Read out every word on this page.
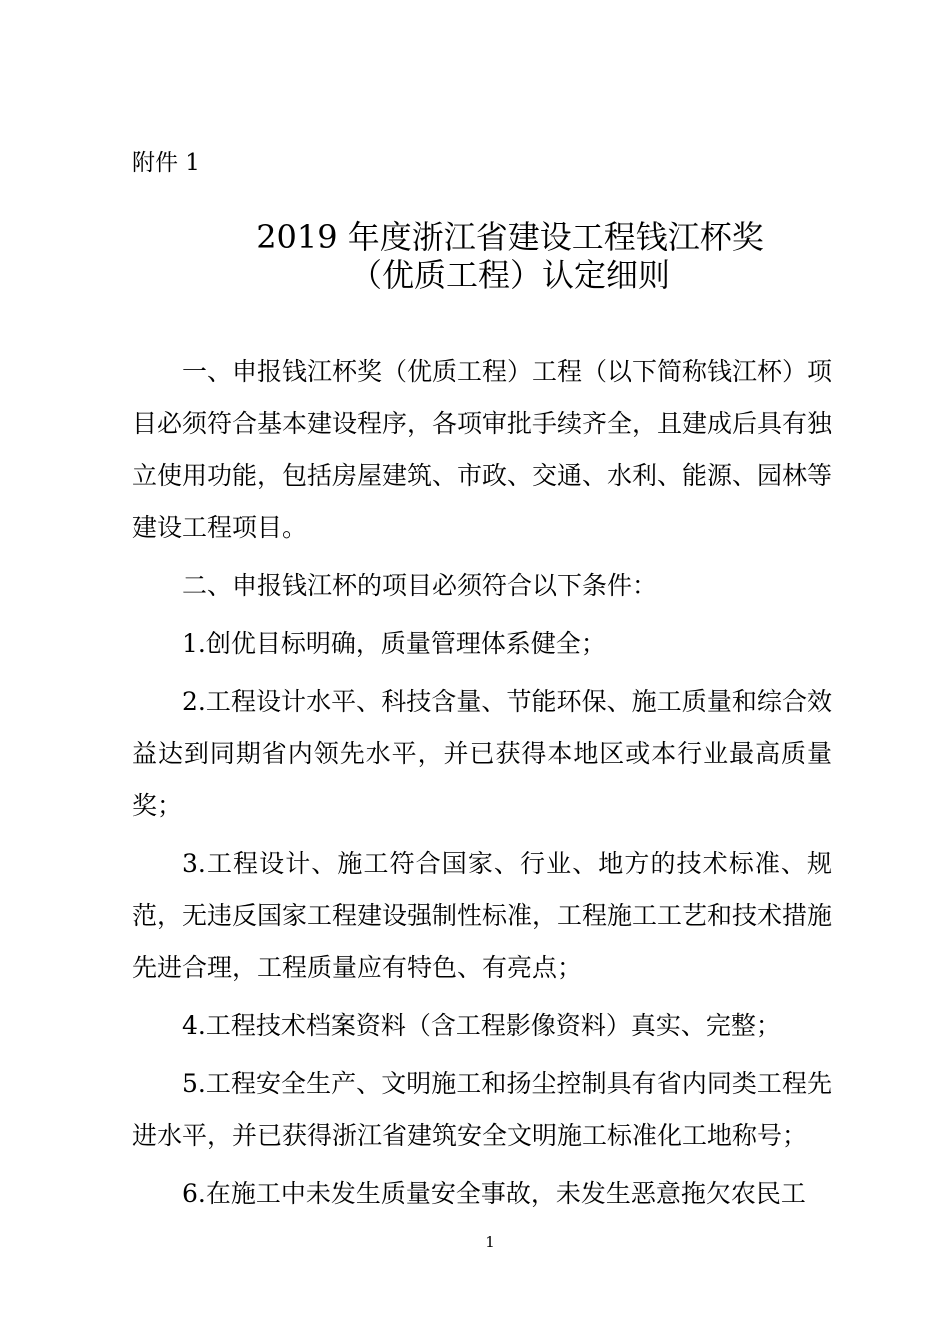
附件 1
2019 年度浙江省建设工程钱江杯奖
（优质工程）认定细则

一、申报钱江杯奖（优质工程）工程（以下简称钱江杯）项目必须符合基本建设程序，各项审批手续齐全，且建成后具有独立使用功能，包括房屋建筑、市政、交通、水利、能源、园林等建设工程项目。

二、申报钱江杯的项目必须符合以下条件：

1.创优目标明确，质量管理体系健全；

2.工程设计水平、科技含量、节能环保、施工质量和综合效益达到同期省内领先水平，并已获得本地区或本行业最高质量奖；

3.工程设计、施工符合国家、行业、地方的技术标准、规范，无违反国家工程建设强制性标准，工程施工工艺和技术措施先进合理，工程质量应有特色、有亮点；

4.工程技术档案资料（含工程影像资料）真实、完整；

5.工程安全生产、文明施工和扬尘控制具有省内同类工程先进水平，并已获得浙江省建筑安全文明施工标准化工地称号；

6.在施工中未发生质量安全事故，未发生恶意拖欠农民工

1
